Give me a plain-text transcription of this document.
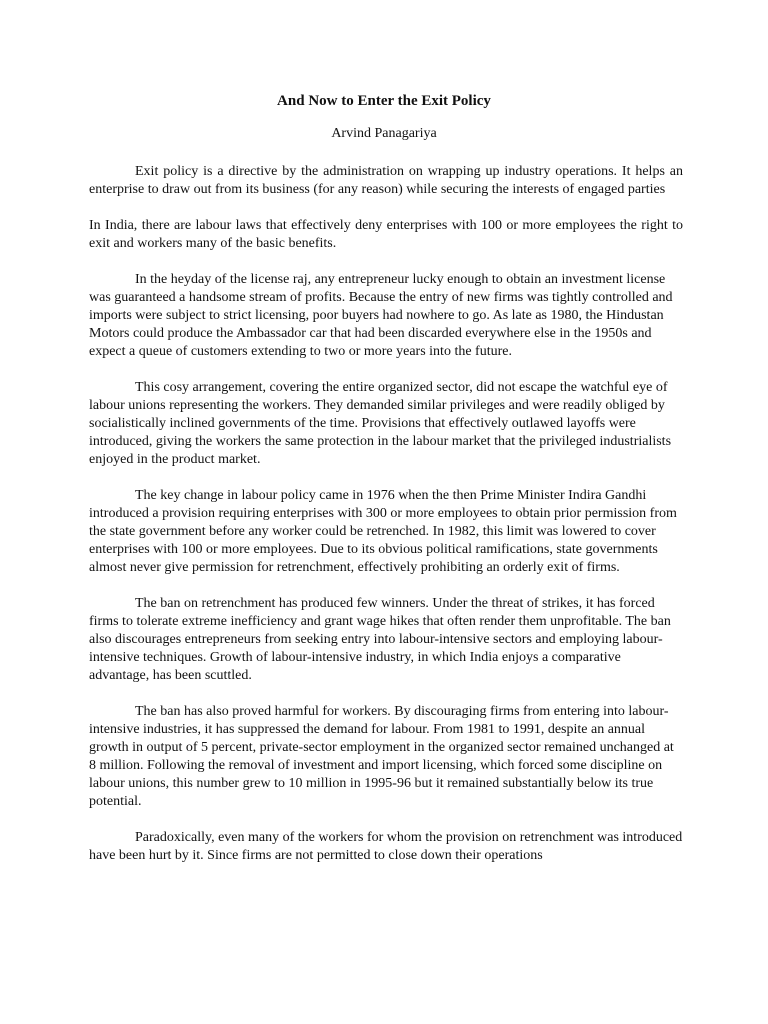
And Now to Enter the Exit Policy
Arvind Panagariya

Exit policy is a directive by the administration on wrapping up industry operations. It helps an enterprise to draw out from its business (for any reason) while securing the interests of engaged parties

In India, there are labour laws that effectively deny enterprises with 100 or more employees the right to exit and workers many of the basic benefits.

In the heyday of the license raj, any entrepreneur lucky enough to obtain an investment license was guaranteed a handsome stream of profits. Because the entry of new firms was tightly controlled and imports were subject to strict licensing, poor buyers had nowhere to go. As late as 1980, the Hindustan Motors could produce the Ambassador car that had been discarded everywhere else in the 1950s and expect a queue of customers extending to two or more years into the future.

This cosy arrangement, covering the entire organized sector, did not escape the watchful eye of labour unions representing the workers. They demanded similar privileges and were readily obliged by socialistically inclined governments of the time. Provisions that effectively outlawed layoffs were introduced, giving the workers the same protection in the labour market that the privileged industrialists enjoyed in the product market.

The key change in labour policy came in 1976 when the then Prime Minister Indira Gandhi introduced a provision requiring enterprises with 300 or more employees to obtain prior permission from the state government before any worker could be retrenched. In 1982, this limit was lowered to cover enterprises with 100 or more employees. Due to its obvious political ramifications, state governments almost never give permission for retrenchment, effectively prohibiting an orderly exit of firms.

The ban on retrenchment has produced few winners. Under the threat of strikes, it has forced firms to tolerate extreme inefficiency and grant wage hikes that often render them unprofitable. The ban also discourages entrepreneurs from seeking entry into labour-intensive sectors and employing labour-intensive techniques. Growth of labour-intensive industry, in which India enjoys a comparative advantage, has been scuttled.

The ban has also proved harmful for workers. By discouraging firms from entering into labour-intensive industries, it has suppressed the demand for labour. From 1981 to 1991, despite an annual growth in output of 5 percent, private-sector employment in the organized sector remained unchanged at 8 million. Following the removal of investment and import licensing, which forced some discipline on labour unions, this number grew to 10 million in 1995-96 but it remained substantially below its true potential.

Paradoxically, even many of the workers for whom the provision on retrenchment was introduced have been hurt by it. Since firms are not permitted to close down their operations
